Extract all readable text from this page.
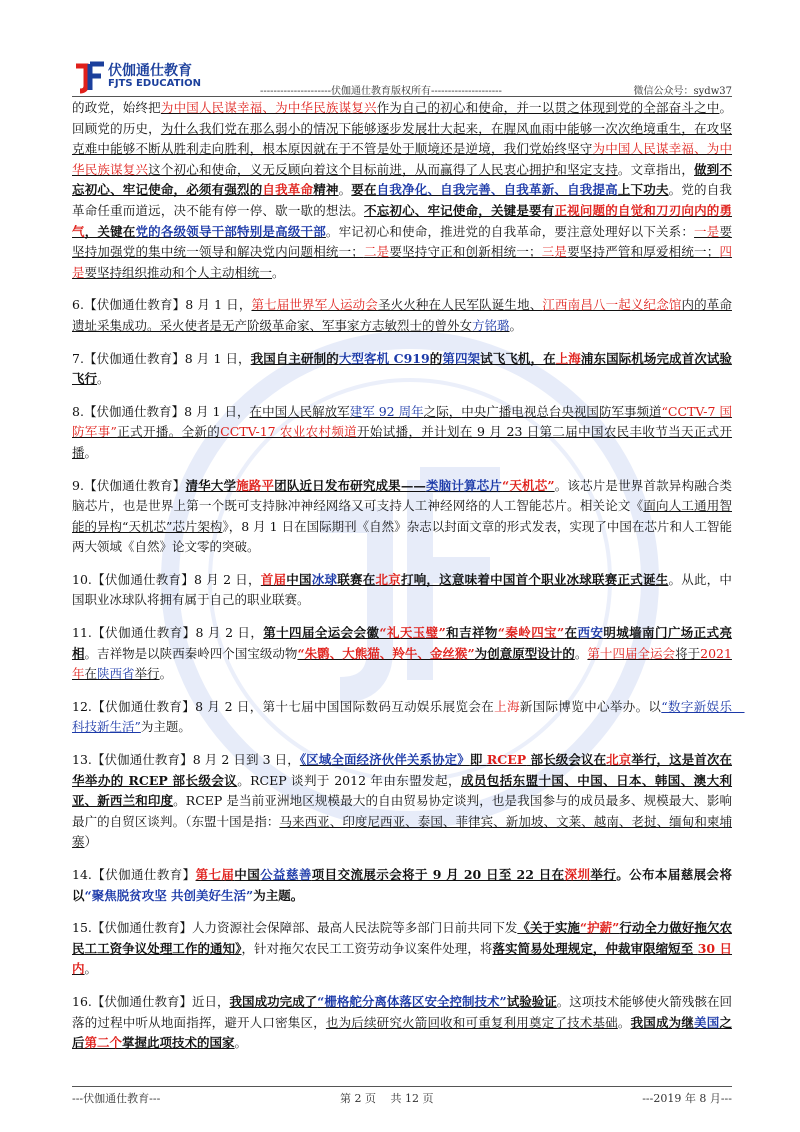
伏伽通仕教育
FJTS EDUCATION
---------------------伏伽通仕教育版权所有---------------------	微信公众号：sydw37

的政党，始终把为中国人民谋幸福、为中华民族谋复兴作为自己的初心和使命，并一以贯之体现到党的全部奋斗之中。回顾党的历史，为什么我们党在那么弱小的情况下能够逐步发展壮大起来，在腥风血雨中能够一次次绝境重生，在攻坚克难中能够不断从胜利走向胜利，根本原因就在于不管是处于顺境还是逆境，我们党始终坚守为中国人民谋幸福、为中华民族谋复兴这个初心和使命，义无反顾向着这个目标前进，从而赢得了人民衷心拥护和坚定支持。文章指出，做到不忘初心、牢记使命，必须有强烈的自我革命精神。要在自我净化、自我完善、自我革新、自我提高上下功夫。党的自我革命任重而道远，决不能有停一停、歇一歇的想法。不忘初心、牢记使命，关键是要有正视问题的自觉和刀刃向内的勇气，关键在党的各级领导干部特别是高级干部。牢记初心和使命，推进党的自我革命，要注意处理好以下关系：一是要坚持加强党的集中统一领导和解决党内问题相统一；二是要坚持守正和创新相统一；三是要坚持严管和厚爱相统一；四是要坚持组织推动和个人主动相统一。

6.【伏伽通仕教育】8 月 1 日，第七届世界军人运动会圣火火种在人民军队诞生地、江西南昌八一起义纪念馆内的革命遗址采集成功。采火使者是无产阶级革命家、军事家方志敏烈士的曾外女方铭璐。

7.【伏伽通仕教育】8 月 1 日，我国自主研制的大型客机 C919的第四架试飞飞机，在上海浦东国际机场完成首次试验飞行。

8.【伏伽通仕教育】8 月 1 日，在中国人民解放军建军 92 周年之际，中央广播电视总台央视国防军事频道“CCTV-7 国防军事”正式开播。全新的CCTV-17 农业农村频道开始试播，并计划在 9 月 23 日第二届中国农民丰收节当天正式开播。

9.【伏伽通仕教育】清华大学施路平团队近日发布研究成果——类脑计算芯片“天机芯”。该芯片是世界首款异构融合类脑芯片，也是世界上第一个既可支持脉冲神经网络又可支持人工神经网络的人工智能芯片。相关论文《面向人工通用智能的异构“天机芯”芯片架构》，8 月 1 日在国际期刊《自然》杂志以封面文章的形式发表，实现了中国在芯片和人工智能两大领域《自然》论文零的突破。

10.【伏伽通仕教育】8 月 2 日，首届中国冰球联赛在北京打响，这意味着中国首个职业冰球联赛正式诞生。从此，中国职业冰球队将拥有属于自己的职业联赛。

11.【伏伽通仕教育】8 月 2 日，第十四届全运会会徽“礼天玉璧”和吉祥物“秦岭四宝”在西安明城墙南门广场正式亮相。吉祥物是以陕西秦岭四个国宝级动物“朱鹮、大熊猫、羚牛、金丝猴”为创意原型设计的。第十四届全运会将于2021 年在陕西省举行。

12.【伏伽通仕教育】8 月 2 日，第十七届中国国际数码互动娱乐展览会在上海新国际博览中心举办。以“数字新娱乐　科技新生活”为主题。

13.【伏伽通仕教育】8 月 2 日到 3 日，《区域全面经济伙伴关系协定》即 RCEP 部长级会议在北京举行，这是首次在华举办的 RCEP 部长级会议。RCEP 谈判于 2012 年由东盟发起，成员包括东盟十国、中国、日本、韩国、澳大利亚、新西兰和印度。RCEP 是当前亚洲地区规模最大的自由贸易协定谈判，也是我国参与的成员最多、规模最大、影响最广的自贸区谈判。（东盟十国是指：马来西亚、印度尼西亚、泰国、菲律宾、新加坡、文莱、越南、老挝、缅甸和柬埔寨）

14.【伏伽通仕教育】第七届中国公益慈善项目交流展示会将于 9 月 20 日至 22 日在深圳举行。公布本届慈展会将以“聚焦脱贫攻坚 共创美好生活”为主题。

15.【伏伽通仕教育】人力资源社会保障部、最高人民法院等多部门日前共同下发《关于实施“护薪”行动全力做好拖欠农民工工资争议处理工作的通知》，针对拖欠农民工工资劳动争议案件处理，将落实简易处理规定，仲裁审限缩短至 30 日内。

16.【伏伽通仕教育】近日，我国成功完成了“栅格舵分离体落区安全控制技术”试验验证。这项技术能够使火箭残骸在回落的过程中听从地面指挥，避开人口密集区，也为后续研究火箭回收和可重复利用奠定了技术基础。我国成为继美国之后第二个掌握此项技术的国家。

---伏伽通仕教育---	第 2 页　 共 12 页	---2019 年 8 月---
